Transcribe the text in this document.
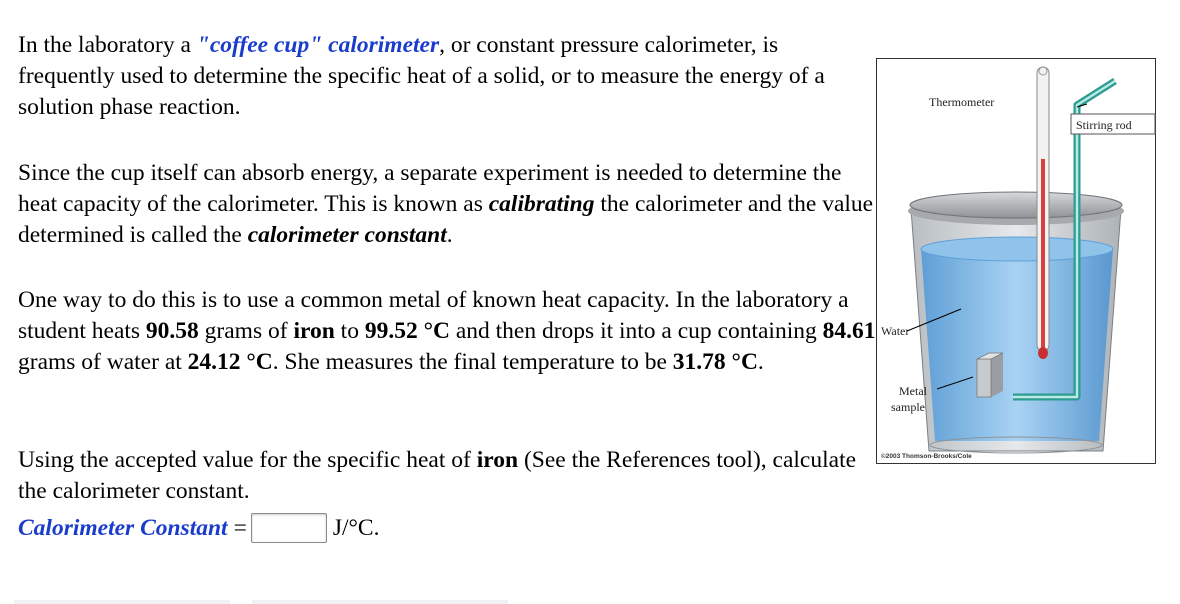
In the laboratory a "coffee cup" calorimeter, or constant pressure calorimeter, is frequently used to determine the specific heat of a solid, or to measure the energy of a solution phase reaction.

Since the cup itself can absorb energy, a separate experiment is needed to determine the heat capacity of the calorimeter. This is known as calibrating the calorimeter and the value determined is called the calorimeter constant.

One way to do this is to use a common metal of known heat capacity. In the laboratory a student heats 90.58 grams of iron to 99.52 °C and then drops it into a cup containing 84.61 grams of water at 24.12 °C. She measures the final temperature to be 31.78 °C.

Using the accepted value for the specific heat of iron (See the References tool), calculate the calorimeter constant.

Calorimeter Constant =	J/°C.
Thermometer
Stirring rod
Water
Metal
sample
©2003 Thomson-Brooks/Cole
